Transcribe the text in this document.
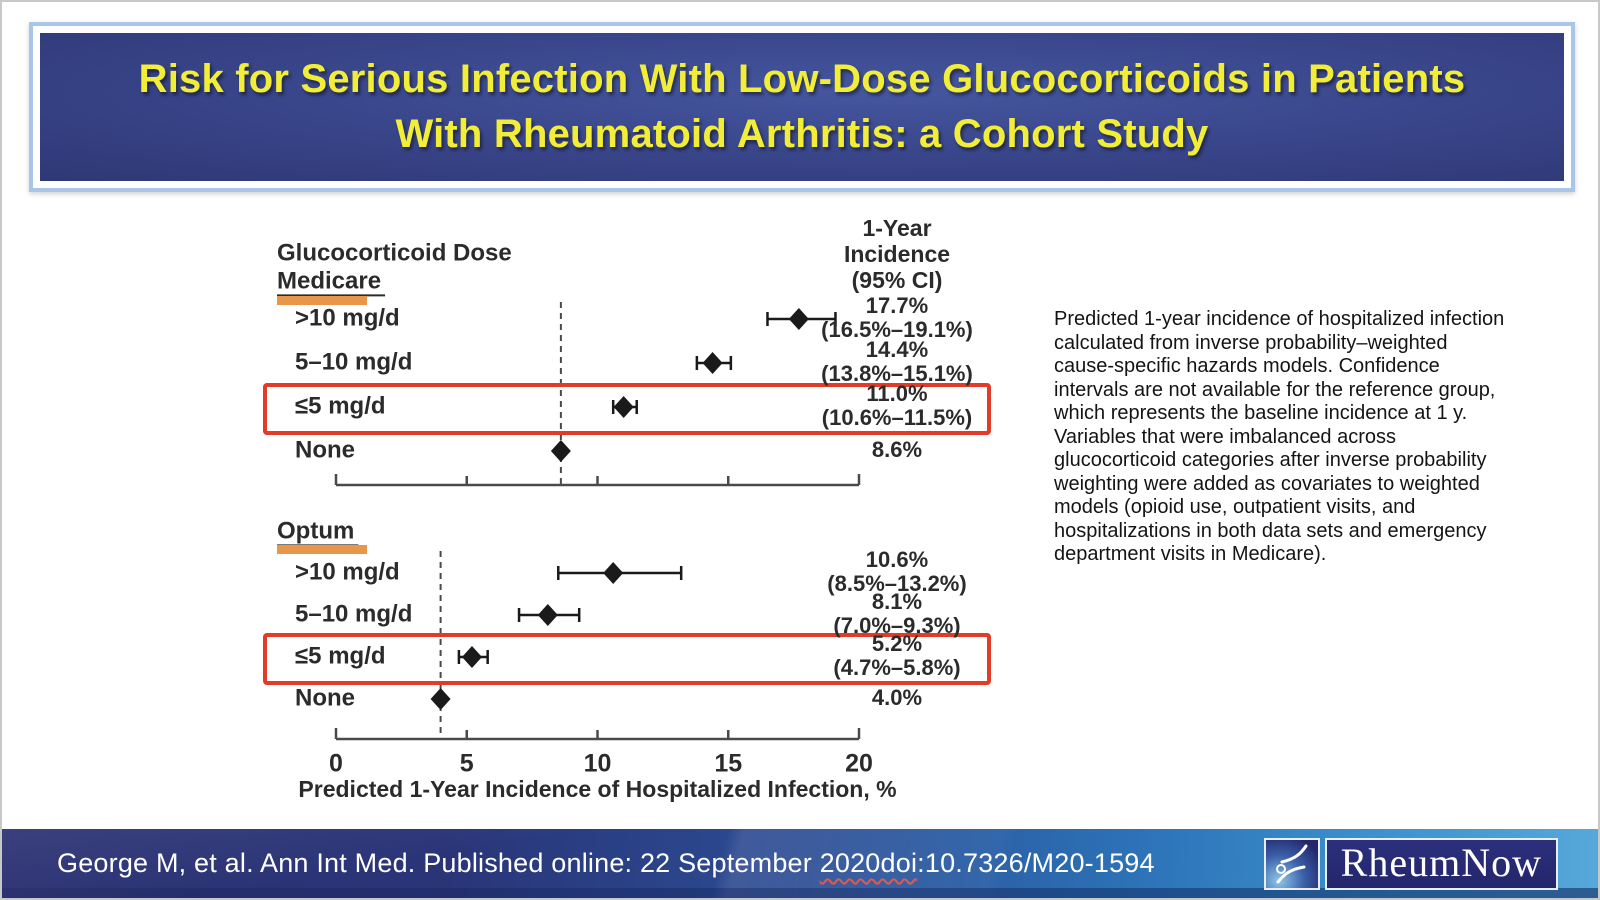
Risk for Serious Infection With Low-Dose Glucocorticoids in Patients With Rheumatoid Arthritis: a Cohort Study
Glucocorticoid Dose
1-Year
Incidence
(95% CI)
Medicare
>10 mg/d	17.7%
(16.5%–19.1%)
5–10 mg/d	14.4%
(13.8%–15.1%)
≤5 mg/d	11.0%
(10.6%–11.5%)
None	8.6%
Optum
0	5	10	15	20
Predicted 1-Year Incidence of Hospitalized Infection, %
>10 mg/d	10.6%
(8.5%–13.2%)
5–10 mg/d	8.1%
(7.0%–9.3%)
≤5 mg/d	5.2%
(4.7%–5.8%)
None	4.0%
Predicted 1-year incidence of hospitalized infection calculated from inverse probability–weighted cause-specific hazards models. Confidence intervals are not available for the reference group, which represents the baseline incidence at 1 y. Variables that were imbalanced across glucocorticoid categories after inverse probability weighting were added as covariates to weighted models (opioid use, outpatient visits, and hospitalizations in both data sets and emergency department visits in Medicare).
George M, et al. Ann Int Med. Published online: 22 September 2020doi:10.7326/M20-1594	RheumNow
